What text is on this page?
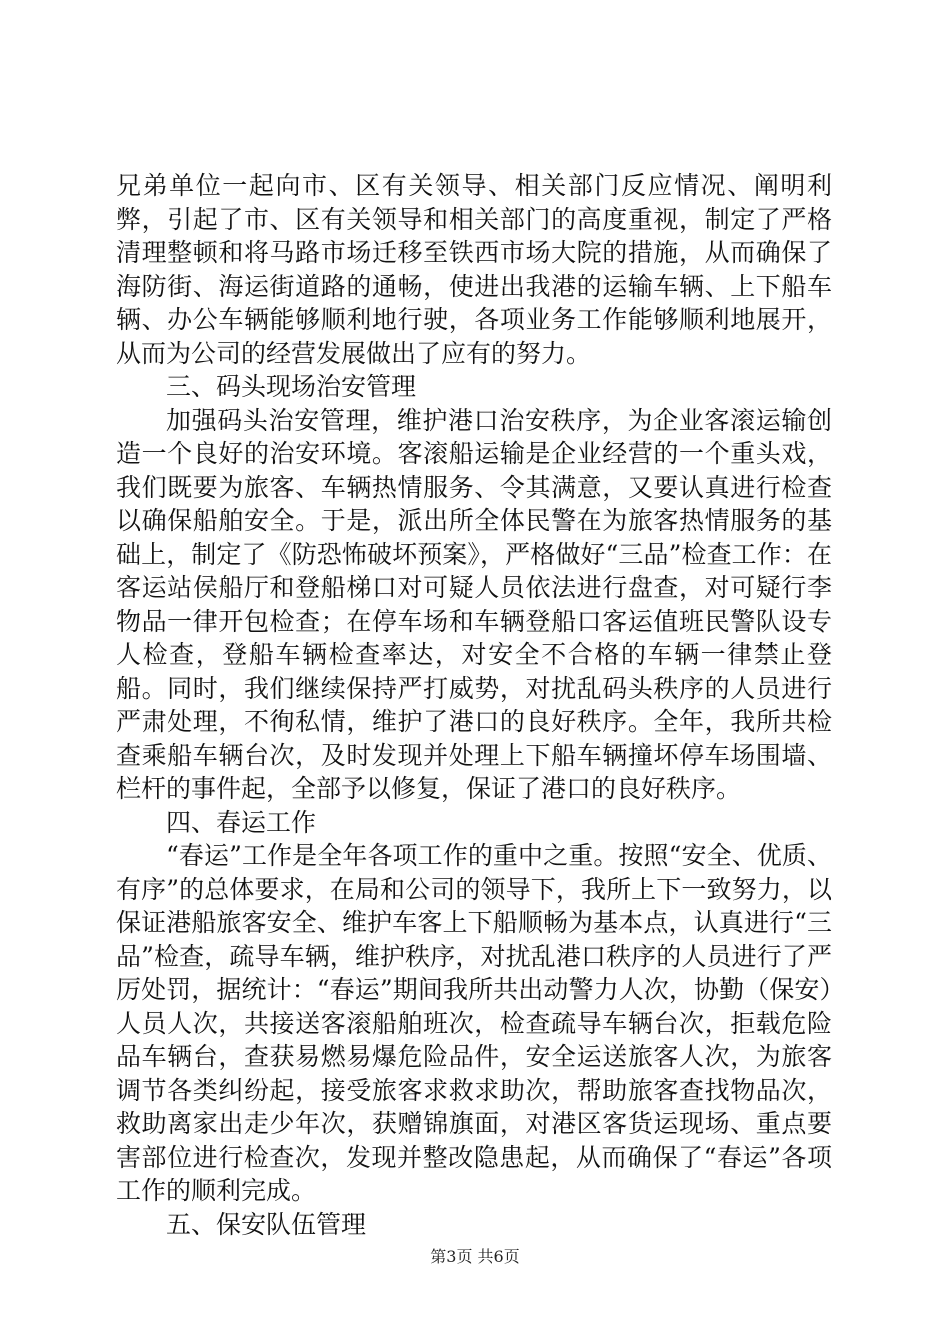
兄弟单位一起向市、区有关领导、相关部门反应情况、阐明利弊，引起了市、区有关领导和相关部门的高度重视，制定了严格清理整顿和将马路市场迁移至铁西市场大院的措施，从而确保了海防街、海运街道路的通畅，使进出我港的运输车辆、上下船车辆、办公车辆能够顺利地行驶，各项业务工作能够顺利地展开，从而为公司的经营发展做出了应有的努力。

三、码头现场治安管理

加强码头治安管理，维护港口治安秩序，为企业客滚运输创造一个良好的治安环境。客滚船运输是企业经营的一个重头戏，我们既要为旅客、车辆热情服务、令其满意，又要认真进行检查以确保船舶安全。于是，派出所全体民警在为旅客热情服务的基础上，制定了《防恐怖破坏预案》，严格做好“三品”检查工作：在客运站侯船厅和登船梯口对可疑人员依法进行盘查，对可疑行李物品一律开包检查；在停车场和车辆登船口客运值班民警队设专人检查，登船车辆检查率达，对安全不合格的车辆一律禁止登船。同时，我们继续保持严打威势，对扰乱码头秩序的人员进行严肃处理，不徇私情，维护了港口的良好秩序。全年，我所共检查乘船车辆台次，及时发现并处理上下船车辆撞坏停车场围墙、栏杆的事件起，全部予以修复，保证了港口的良好秩序。

四、春运工作

“春运”工作是全年各项工作的重中之重。按照“安全、优质、有序”的总体要求，在局和公司的领导下，我所上下一致努力，以保证港船旅客安全、维护车客上下船顺畅为基本点，认真进行“三品”检查，疏导车辆，维护秩序，对扰乱港口秩序的人员进行了严厉处罚，据统计：“春运”期间我所共出动警力人次，协勤（保安）人员人次，共接送客滚船舶班次，检查疏导车辆台次，拒载危险品车辆台，查获易燃易爆危险品件，安全运送旅客人次，为旅客调节各类纠纷起，接受旅客求救求助次，帮助旅客查找物品次，救助离家出走少年次，获赠锦旗面，对港区客货运现场、重点要害部位进行检查次，发现并整改隐患起，从而确保了“春运”各项工作的顺利完成。

五、保安队伍管理

第3页 共6页
